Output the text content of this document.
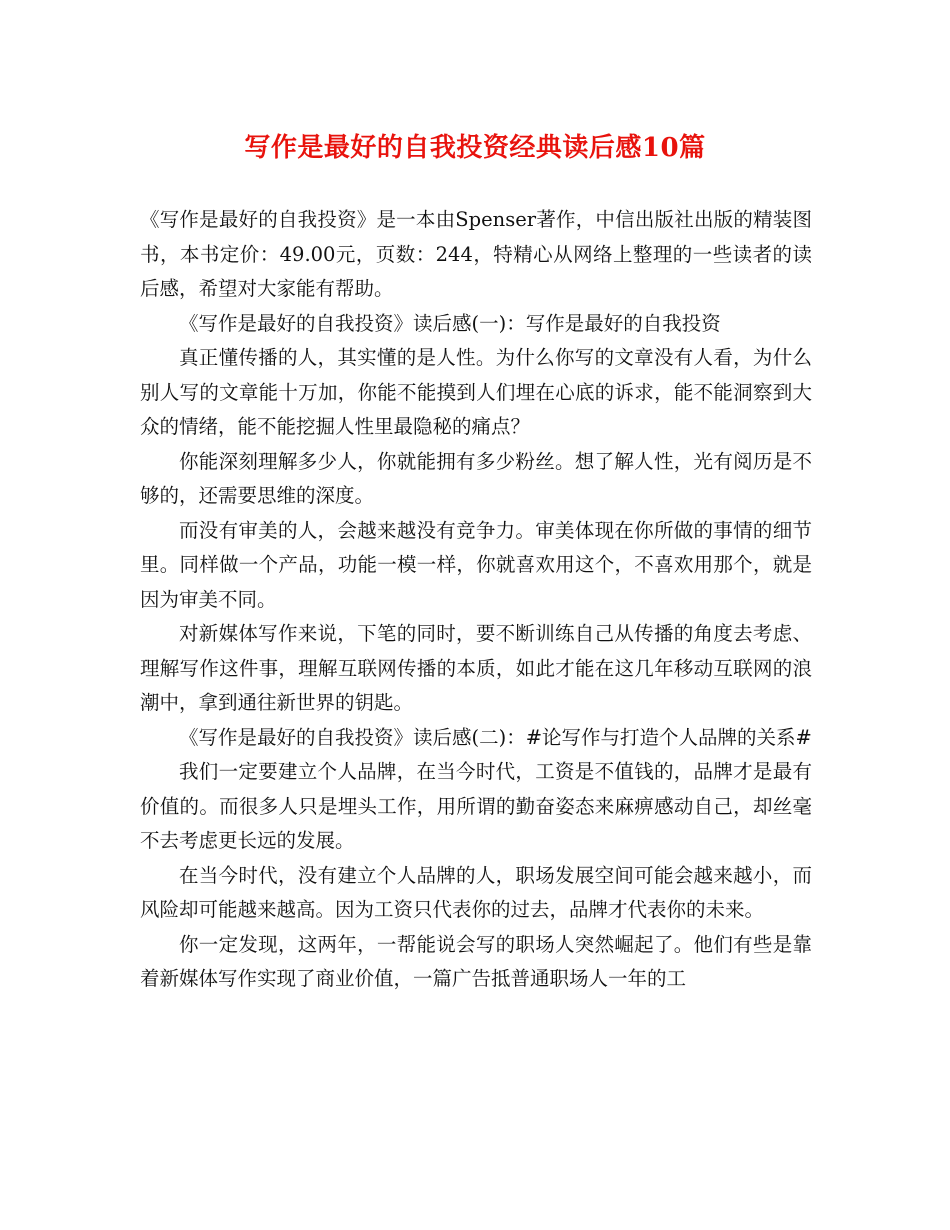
写作是最好的自我投资经典读后感10篇

《写作是最好的自我投资》是一本由Spenser著作，中信出版社出版的精装图书，本书定价：49.00元，页数：244，特精心从网络上整理的一些读者的读后感，希望对大家能有帮助。

《写作是最好的自我投资》读后感(一)：写作是最好的自我投资

真正懂传播的人，其实懂的是人性。为什么你写的文章没有人看，为什么别人写的文章能十万加，你能不能摸到人们埋在心底的诉求，能不能洞察到大众的情绪，能不能挖掘人性里最隐秘的痛点？

你能深刻理解多少人，你就能拥有多少粉丝。想了解人性，光有阅历是不够的，还需要思维的深度。

而没有审美的人，会越来越没有竞争力。审美体现在你所做的事情的细节里。同样做一个产品，功能一模一样，你就喜欢用这个，不喜欢用那个，就是因为审美不同。

对新媒体写作来说，下笔的同时，要不断训练自己从传播的角度去考虑、理解写作这件事，理解互联网传播的本质，如此才能在这几年移动互联网的浪潮中，拿到通往新世界的钥匙。

《写作是最好的自我投资》读后感(二)：#论写作与打造个人品牌的关系#

我们一定要建立个人品牌，在当今时代，工资是不值钱的，品牌才是最有价值的。而很多人只是埋头工作，用所谓的勤奋姿态来麻痹感动自己，却丝毫不去考虑更长远的发展。

在当今时代，没有建立个人品牌的人，职场发展空间可能会越来越小，而风险却可能越来越高。因为工资只代表你的过去，品牌才代表你的未来。

你一定发现，这两年，一帮能说会写的职场人突然崛起了。他们有些是靠着新媒体写作实现了商业价值，一篇广告抵普通职场人一年的工
